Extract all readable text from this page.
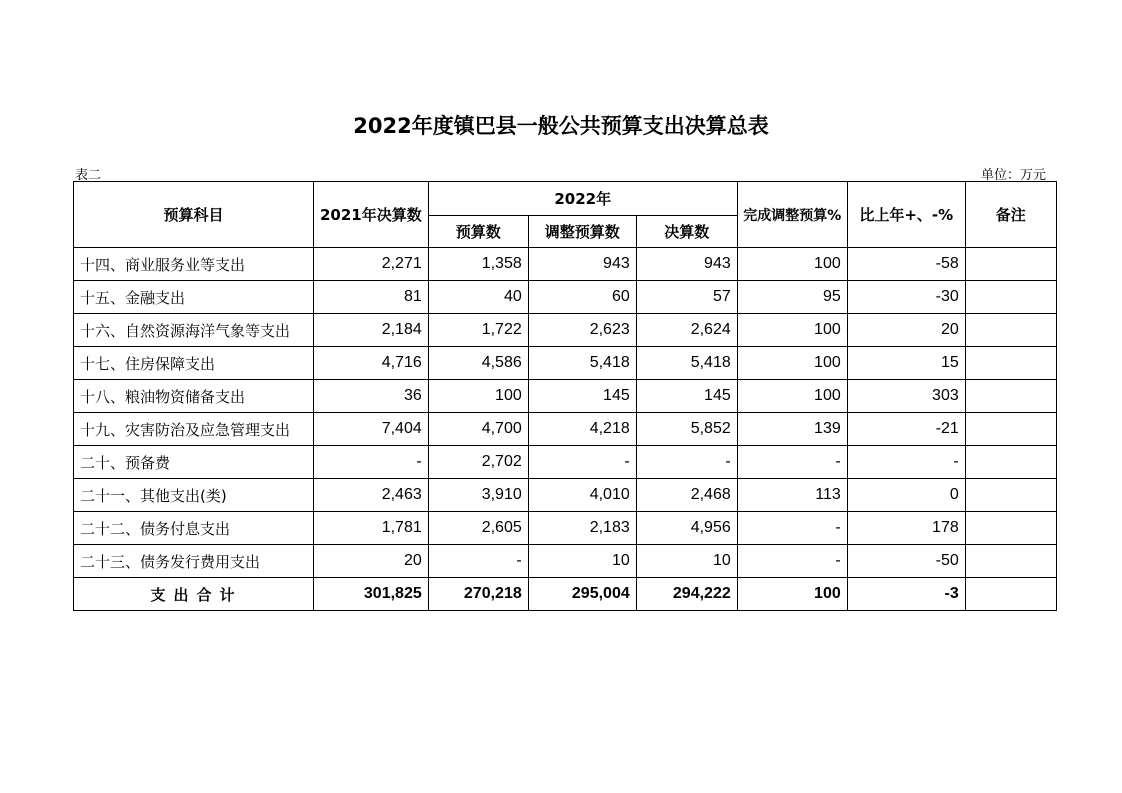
2022年度镇巴县一般公共预算支出决算总表
表二	单位：万元
预算科目	2021年决算数	2022年			完成调整预算%	比上年+、-%	备注
		预算数	调整预算数	决算数			
十四、商业服务业等支出	2,271	1,358	943	943	100	-58	
十五、金融支出	81	40	60	57	95	-30	
十六、自然资源海洋气象等支出	2,184	1,722	2,623	2,624	100	20	
十七、住房保障支出	4,716	4,586	5,418	5,418	100	15	
十八、粮油物资储备支出	36	100	145	145	100	303	
十九、灾害防治及应急管理支出	7,404	4,700	4,218	5,852	139	-21	
二十、预备费	-	2,702	-	-	-	-	
二十一、其他支出(类)	2,463	3,910	4,010	2,468	113	0	
二十二、债务付息支出	1,781	2,605	2,183	4,956	-	178	
二十三、债务发行费用支出	20	-	10	10	-	-50	
支出合计	301,825	270,218	295,004	294,222	100	-3	
